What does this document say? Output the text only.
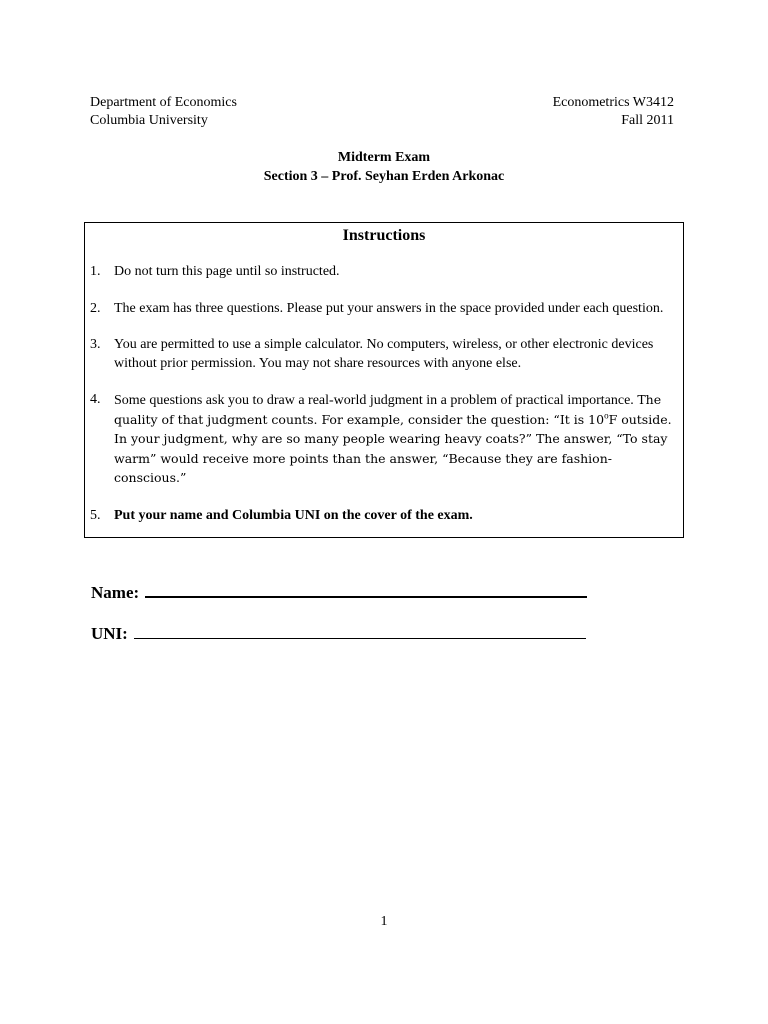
Department of Economics
Columbia University
Econometrics W3412
Fall 2011
Midterm Exam
Section 3 – Prof. Seyhan Erden Arkonac
Instructions
1. Do not turn this page until so instructed.
2. The exam has three questions. Please put your answers in the space provided under each question.
3. You are permitted to use a simple calculator. No computers, wireless, or other electronic devices without prior permission. You may not share resources with anyone else.
4. Some questions ask you to draw a real-world judgment in a problem of practical importance. The quality of that judgment counts. For example, consider the question: “It is 10$^o$F outside. In your judgment, why are so many people wearing heavy coats?” The answer, “To stay warm” would receive more points than the answer, “Because they are fashion-conscious.”
5. Put your name and Columbia UNI on the cover of the exam.
Name:
UNI:
1
